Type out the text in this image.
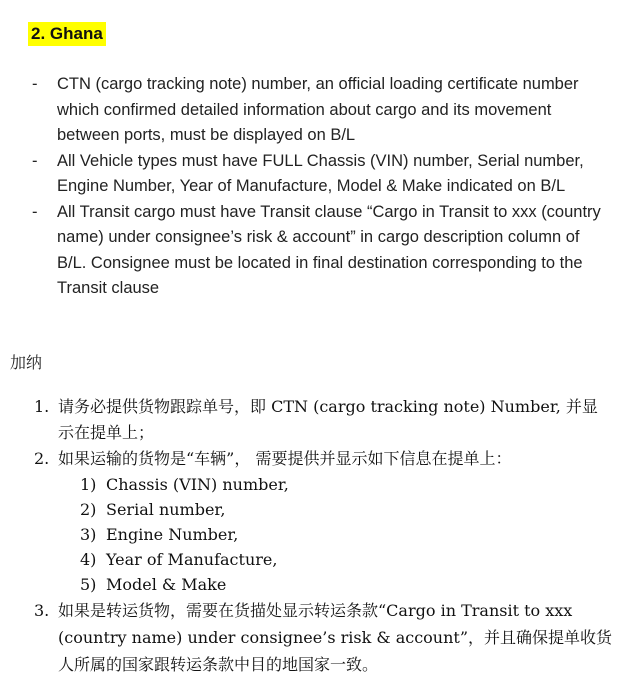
2. Ghana
- CTN (cargo tracking note) number, an official loading certificate number which confirmed detailed information about cargo and its movement between ports, must be displayed on B/L
- All Vehicle types must have FULL Chassis (VIN) number, Serial number, Engine Number, Year of Manufacture, Model & Make indicated on B/L
- All Transit cargo must have Transit clause “Cargo in Transit to xxx (country name) under consignee’s risk & account” in cargo description column of B/L. Consignee must be located in final destination corresponding to the Transit clause
加纳
1. 请务必提供货物跟踪单号，即 CTN (cargo tracking note) Number, 并显示在提单上；
2. 如果运输的货物是“车辆”， 需要提供并显示如下信息在提单上：
1) Chassis (VIN) number,
2) Serial number,
3) Engine Number,
4) Year of Manufacture,
5) Model & Make
3. 如果是转运货物，需要在货描处显示转运条款“Cargo in Transit to xxx (country name) under consignee’s risk & account”，并且确保提单收货人所属的国家跟转运条款中目的地国家一致。
